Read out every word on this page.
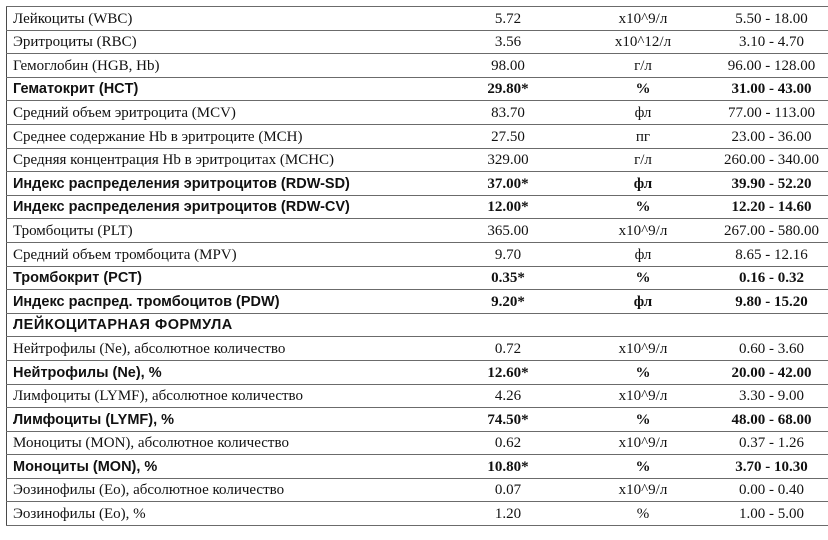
Лейкоциты (WBC)	5.72	x10^9/л	5.50 - 18.00
Эритроциты (RBC)	3.56	x10^12/л	3.10 - 4.70
Гемоглобин (HGB, Hb)	98.00	г/л	96.00 - 128.00
Гематокрит (HCT)	29.80*	%	31.00 - 43.00
Средний объем эритроцита (MCV)	83.70	фл	77.00 - 113.00
Среднее содержание Hb в эритроците (MCH)	27.50	пг	23.00 - 36.00
Средняя концентрация Hb в эритроцитах (MCHC)	329.00	г/л	260.00 - 340.00
Индекс распределения эритроцитов (RDW-SD)	37.00*	фл	39.90 - 52.20
Индекс распределения эритроцитов (RDW-CV)	12.00*	%	12.20 - 14.60
Тромбоциты (PLT)	365.00	x10^9/л	267.00 - 580.00
Средний объем тромбоцита (MPV)	9.70	фл	8.65 - 12.16
Тромбокрит (PCT)	0.35*	%	0.16 - 0.32
Индекс распред. тромбоцитов (PDW)	9.20*	фл	9.80 - 15.20
ЛЕЙКОЦИТАРНАЯ ФОРМУЛА			
Нейтрофилы (Ne), абсолютное количество	0.72	x10^9/л	0.60 - 3.60
Нейтрофилы (Ne), %	12.60*	%	20.00 - 42.00
Лимфоциты (LYMF), абсолютное количество	4.26	x10^9/л	3.30 - 9.00
Лимфоциты (LYMF), %	74.50*	%	48.00 - 68.00
Моноциты (MON), абсолютное количество	0.62	x10^9/л	0.37 - 1.26
Моноциты (MON), %	10.80*	%	3.70 - 10.30
Эозинофилы (Eo), абсолютное количество	0.07	x10^9/л	0.00 - 0.40
Эозинофилы (Eo), %	1.20	%	1.00 - 5.00
